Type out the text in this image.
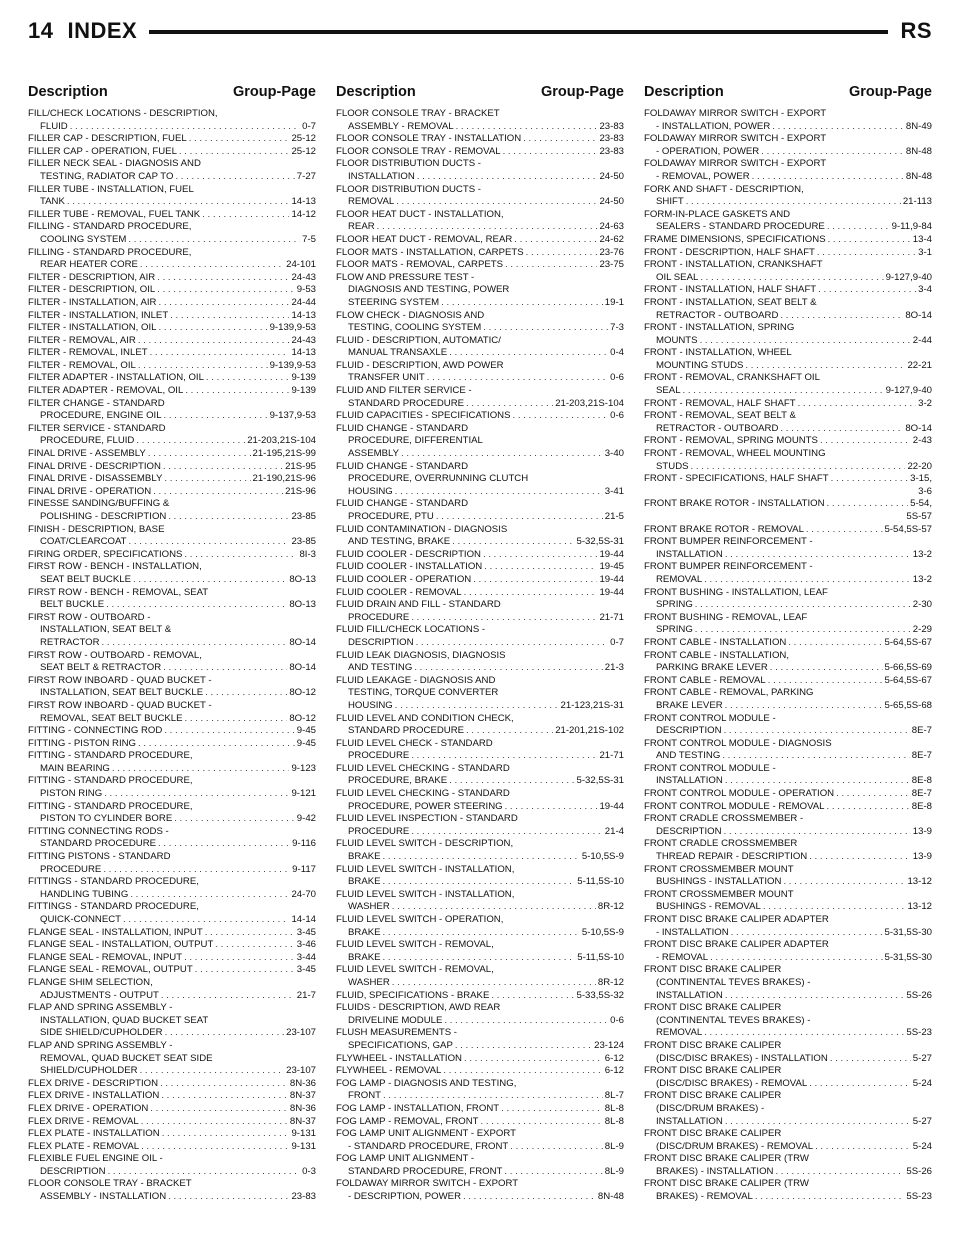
14 INDEX	RS
Description	Group-Page
FILL/CHECK LOCATIONS - DESCRIPTION,
FLUID . . .	0-7
FILLER CAP - DESCRIPTION, FUEL . . .	25-12
FILLER CAP - OPERATION, FUEL . . .	25-12
FILLER NECK SEAL - DIAGNOSIS AND
TESTING, RADIATOR CAP TO . . .	7-27
FILLER TUBE - INSTALLATION, FUEL
TANK . . .	14-13
FILLER TUBE - REMOVAL, FUEL TANK . . .	14-12
FILLING - STANDARD PROCEDURE,
COOLING SYSTEM . . .	7-5
FILLING - STANDARD PROCEDURE,
REAR HEATER CORE . . .	24-101
FILTER - DESCRIPTION, AIR . . .	24-43
FILTER - DESCRIPTION, OIL . . .	9-53
FILTER - INSTALLATION, AIR . . .	24-44
FILTER - INSTALLATION, INLET . . .	14-13
FILTER - INSTALLATION, OIL . . .	9-139,9-53
FILTER - REMOVAL, AIR . . .	24-43
FILTER - REMOVAL, INLET . . .	14-13
FILTER - REMOVAL, OIL . . .	9-139,9-53
FILTER ADAPTER - INSTALLATION, OIL . . .	9-139
FILTER ADAPTER - REMOVAL, OIL . . .	9-139
FILTER CHANGE - STANDARD
PROCEDURE, ENGINE OIL . . .	9-137,9-53
FILTER SERVICE - STANDARD
PROCEDURE, FLUID . . .	21-203,21S-104
FINAL DRIVE - ASSEMBLY . . .	21-195,21S-99
FINAL DRIVE - DESCRIPTION . . .	21S-95
FINAL DRIVE - DISASSEMBLY . . .	21-190,21S-96
FINAL DRIVE - OPERATION . . .	21S-96
FINESSE SANDING/BUFFING &
POLISHING - DESCRIPTION . . .	23-85
FINISH - DESCRIPTION, BASE
COAT/CLEARCOAT . . .	23-85
FIRING ORDER, SPECIFICATIONS . . .	8I-3
FIRST ROW - BENCH - INSTALLATION,
SEAT BELT BUCKLE . . .	8O-13
FIRST ROW - BENCH - REMOVAL, SEAT
BELT BUCKLE . . .	8O-13
FIRST ROW - OUTBOARD -
INSTALLATION, SEAT BELT &
RETRACTOR . . .	8O-14
FIRST ROW - OUTBOARD - REMOVAL,
SEAT BELT & RETRACTOR . . .	8O-14
FIRST ROW INBOARD - QUAD BUCKET -
INSTALLATION, SEAT BELT BUCKLE . . .	8O-12
FIRST ROW INBOARD - QUAD BUCKET -
REMOVAL, SEAT BELT BUCKLE . . .	8O-12
FITTING - CONNECTING ROD . . .	9-45
FITTING - PISTON RING . . .	9-45
FITTING - STANDARD PROCEDURE,
MAIN BEARING . . .	9-123
FITTING - STANDARD PROCEDURE,
PISTON RING . . .	9-121
FITTING - STANDARD PROCEDURE,
PISTON TO CYLINDER BORE . . .	9-42
FITTING CONNECTING RODS -
STANDARD PROCEDURE . . .	9-116
FITTING PISTONS - STANDARD
PROCEDURE . . .	9-117
FITTINGS - STANDARD PROCEDURE,
HANDLING TUBING . . .	24-70
FITTINGS - STANDARD PROCEDURE,
QUICK-CONNECT . . .	14-14
FLANGE SEAL - INSTALLATION, INPUT . . .	3-45
FLANGE SEAL - INSTALLATION, OUTPUT . . .	3-46
FLANGE SEAL - REMOVAL, INPUT . . .	3-44
FLANGE SEAL - REMOVAL, OUTPUT . . .	3-45
FLANGE SHIM SELECTION,
ADJUSTMENTS - OUTPUT . . .	21-7
FLAP AND SPRING ASSEMBLY -
INSTALLATION, QUAD BUCKET SEAT
SIDE SHIELD/CUPHOLDER . . .	23-107
FLAP AND SPRING ASSEMBLY -
REMOVAL, QUAD BUCKET SEAT SIDE
SHIELD/CUPHOLDER . . .	23-107
FLEX DRIVE - DESCRIPTION . . .	8N-36
FLEX DRIVE - INSTALLATION . . .	8N-37
FLEX DRIVE - OPERATION . . .	8N-36
FLEX DRIVE - REMOVAL . . .	8N-37
FLEX PLATE - INSTALLATION . . .	9-131
FLEX PLATE - REMOVAL . . .	9-131
FLEXIBLE FUEL ENGINE OIL -
DESCRIPTION . . .	0-3
FLOOR CONSOLE TRAY - BRACKET
ASSEMBLY - INSTALLATION . . .	23-83
Description	Group-Page
FLOOR CONSOLE TRAY - BRACKET
ASSEMBLY - REMOVAL . . .	23-83
FLOOR CONSOLE TRAY - INSTALLATION . . .	23-83
FLOOR CONSOLE TRAY - REMOVAL . . .	23-83
FLOOR DISTRIBUTION DUCTS -
INSTALLATION . . .	24-50
FLOOR DISTRIBUTION DUCTS -
REMOVAL . . .	24-50
FLOOR HEAT DUCT - INSTALLATION,
REAR . . .	24-63
FLOOR HEAT DUCT - REMOVAL, REAR . . .	24-62
FLOOR MATS - INSTALLATION, CARPETS . . .	23-76
FLOOR MATS - REMOVAL, CARPETS . . .	23-75
FLOW AND PRESSURE TEST -
DIAGNOSIS AND TESTING, POWER
STEERING SYSTEM . . .	19-1
FLOW CHECK - DIAGNOSIS AND
TESTING, COOLING SYSTEM . . .	7-3
FLUID - DESCRIPTION, AUTOMATIC/
MANUAL TRANSAXLE . . .	0-4
FLUID - DESCRIPTION, AWD POWER
TRANSFER UNIT . . .	0-6
FLUID AND FILTER SERVICE -
STANDARD PROCEDURE . . .	21-203,21S-104
FLUID CAPACITIES - SPECIFICATIONS . . .	0-6
FLUID CHANGE - STANDARD
PROCEDURE, DIFFERENTIAL
ASSEMBLY . . .	3-40
FLUID CHANGE - STANDARD
PROCEDURE, OVERRUNNING CLUTCH
HOUSING . . .	3-41
FLUID CHANGE - STANDARD
PROCEDURE, PTU . . .	21-5
FLUID CONTAMINATION - DIAGNOSIS
AND TESTING, BRAKE . . .	5-32,5S-31
FLUID COOLER - DESCRIPTION . . .	19-44
FLUID COOLER - INSTALLATION . . .	19-45
FLUID COOLER - OPERATION . . .	19-44
FLUID COOLER - REMOVAL . . .	19-44
FLUID DRAIN AND FILL - STANDARD
PROCEDURE . . .	21-71
FLUID FILL/CHECK LOCATIONS -
DESCRIPTION . . .	0-7
FLUID LEAK DIAGNOSIS, DIAGNOSIS
AND TESTING . . .	21-3
FLUID LEAKAGE - DIAGNOSIS AND
TESTING, TORQUE CONVERTER
HOUSING . . .	21-123,21S-31
FLUID LEVEL AND CONDITION CHECK,
STANDARD PROCEDURE . . .	21-201,21S-102
FLUID LEVEL CHECK - STANDARD
PROCEDURE . . .	21-71
FLUID LEVEL CHECKING - STANDARD
PROCEDURE, BRAKE . . .	5-32,5S-31
FLUID LEVEL CHECKING - STANDARD
PROCEDURE, POWER STEERING . . .	19-44
FLUID LEVEL INSPECTION - STANDARD
PROCEDURE . . .	21-4
FLUID LEVEL SWITCH - DESCRIPTION,
BRAKE . . .	5-10,5S-9
FLUID LEVEL SWITCH - INSTALLATION,
BRAKE . . .	5-11,5S-10
FLUID LEVEL SWITCH - INSTALLATION,
WASHER . . .	8R-12
FLUID LEVEL SWITCH - OPERATION,
BRAKE . . .	5-10,5S-9
FLUID LEVEL SWITCH - REMOVAL,
BRAKE . . .	5-11,5S-10
FLUID LEVEL SWITCH - REMOVAL,
WASHER . . .	8R-12
FLUID, SPECIFICATIONS - BRAKE . . .	5-33,5S-32
FLUIDS - DESCRIPTION, AWD REAR
DRIVELINE MODULE . . .	0-6
FLUSH MEASUREMENTS -
SPECIFICATIONS, GAP . . .	23-124
FLYWHEEL - INSTALLATION . . .	6-12
FLYWHEEL - REMOVAL . . .	6-12
FOG LAMP - DIAGNOSIS AND TESTING,
FRONT . . .	8L-7
FOG LAMP - INSTALLATION, FRONT . . .	8L-8
FOG LAMP - REMOVAL, FRONT . . .	8L-8
FOG LAMP UNIT ALIGNMENT - EXPORT
- STANDARD PROCEDURE, FRONT . . .	8L-9
FOG LAMP UNIT ALIGNMENT -
STANDARD PROCEDURE, FRONT . . .	8L-9
FOLDAWAY MIRROR SWITCH - EXPORT
- DESCRIPTION, POWER . . .	8N-48
Description	Group-Page
FOLDAWAY MIRROR SWITCH - EXPORT
- INSTALLATION, POWER . . .	8N-49
FOLDAWAY MIRROR SWITCH - EXPORT
- OPERATION, POWER . . .	8N-48
FOLDAWAY MIRROR SWITCH - EXPORT
- REMOVAL, POWER . . .	8N-48
FORK AND SHAFT - DESCRIPTION,
SHIFT . . .	21-113
FORM-IN-PLACE GASKETS AND
SEALERS - STANDARD PROCEDURE . . .	9-11,9-84
FRAME DIMENSIONS, SPECIFICATIONS . . .	13-4
FRONT - DESCRIPTION, HALF SHAFT . . .	3-1
FRONT - INSTALLATION, CRANKSHAFT
OIL SEAL . . .	9-127,9-40
FRONT - INSTALLATION, HALF SHAFT . . .	3-4
FRONT - INSTALLATION, SEAT BELT &
RETRACTOR - OUTBOARD . . .	8O-14
FRONT - INSTALLATION, SPRING
MOUNTS . . .	2-44
FRONT - INSTALLATION, WHEEL
MOUNTING STUDS . . .	22-21
FRONT - REMOVAL, CRANKSHAFT OIL
SEAL . . .	9-127,9-40
FRONT - REMOVAL, HALF SHAFT . . .	3-2
FRONT - REMOVAL, SEAT BELT &
RETRACTOR - OUTBOARD . . .	8O-14
FRONT - REMOVAL, SPRING MOUNTS . . .	2-43
FRONT - REMOVAL, WHEEL MOUNTING
STUDS . . .	22-20
FRONT - SPECIFICATIONS, HALF SHAFT . . .	3-15,
3-6
FRONT BRAKE ROTOR - INSTALLATION . . .	5-54,
5S-57
FRONT BRAKE ROTOR - REMOVAL . . .	5-54,5S-57
FRONT BUMPER REINFORCEMENT -
INSTALLATION . . .	13-2
FRONT BUMPER REINFORCEMENT -
REMOVAL . . .	13-2
FRONT BUSHING - INSTALLATION, LEAF
SPRING . . .	2-30
FRONT BUSHING - REMOVAL, LEAF
SPRING . . .	2-29
FRONT CABLE - INSTALLATION . . .	5-64,5S-67
FRONT CABLE - INSTALLATION,
PARKING BRAKE LEVER . . .	5-66,5S-69
FRONT CABLE - REMOVAL . . .	5-64,5S-67
FRONT CABLE - REMOVAL, PARKING
BRAKE LEVER . . .	5-65,5S-68
FRONT CONTROL MODULE -
DESCRIPTION . . .	8E-7
FRONT CONTROL MODULE - DIAGNOSIS
AND TESTING . . .	8E-7
FRONT CONTROL MODULE -
INSTALLATION . . .	8E-8
FRONT CONTROL MODULE - OPERATION . . .	8E-7
FRONT CONTROL MODULE - REMOVAL . . .	8E-8
FRONT CRADLE CROSSMEMBER -
DESCRIPTION . . .	13-9
FRONT CRADLE CROSSMEMBER
THREAD REPAIR - DESCRIPTION . . .	13-9
FRONT CROSSMEMBER MOUNT
BUSHINGS - INSTALLATION . . .	13-12
FRONT CROSSMEMBER MOUNT
BUSHINGS - REMOVAL . . .	13-12
FRONT DISC BRAKE CALIPER ADAPTER
- INSTALLATION . . .	5-31,5S-30
FRONT DISC BRAKE CALIPER ADAPTER
- REMOVAL . . .	5-31,5S-30
FRONT DISC BRAKE CALIPER
(CONTINENTAL TEVES BRAKES) -
INSTALLATION . . .	5S-26
FRONT DISC BRAKE CALIPER
(CONTINENTAL TEVES BRAKES) -
REMOVAL . . .	5S-23
FRONT DISC BRAKE CALIPER
(DISC/DISC BRAKES) - INSTALLATION . . .	5-27
FRONT DISC BRAKE CALIPER
(DISC/DISC BRAKES) - REMOVAL . . .	5-24
FRONT DISC BRAKE CALIPER
(DISC/DRUM BRAKES) -
INSTALLATION . . .	5-27
FRONT DISC BRAKE CALIPER
(DISC/DRUM BRAKES) - REMOVAL . . .	5-24
FRONT DISC BRAKE CALIPER (TRW
BRAKES) - INSTALLATION . . .	5S-26
FRONT DISC BRAKE CALIPER (TRW
BRAKES) - REMOVAL . . .	5S-23
